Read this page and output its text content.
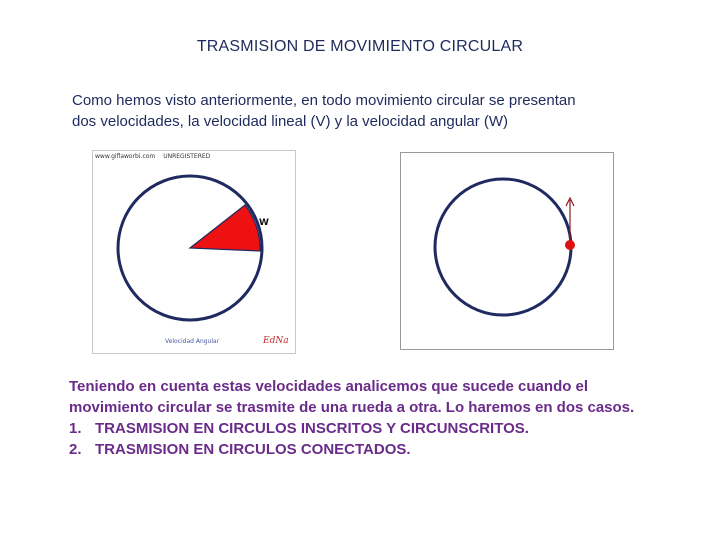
TRASMISION DE MOVIMIENTO CIRCULAR
Como hemos visto anteriormente, en todo movimiento circular se presentan
dos velocidades, la velocidad lineal (V) y la velocidad angular (W)
www.giflaworbi.com UNREGISTERED
W
Velocidad Angular	EdNa
Teniendo en cuenta estas velocidades analicemos que sucede cuando el
movimiento circular se trasmite de una rueda a otra. Lo haremos en dos casos.
1. TRASMISION EN CIRCULOS INSCRITOS Y CIRCUNSCRITOS.
2. TRASMISION EN CIRCULOS CONECTADOS.
